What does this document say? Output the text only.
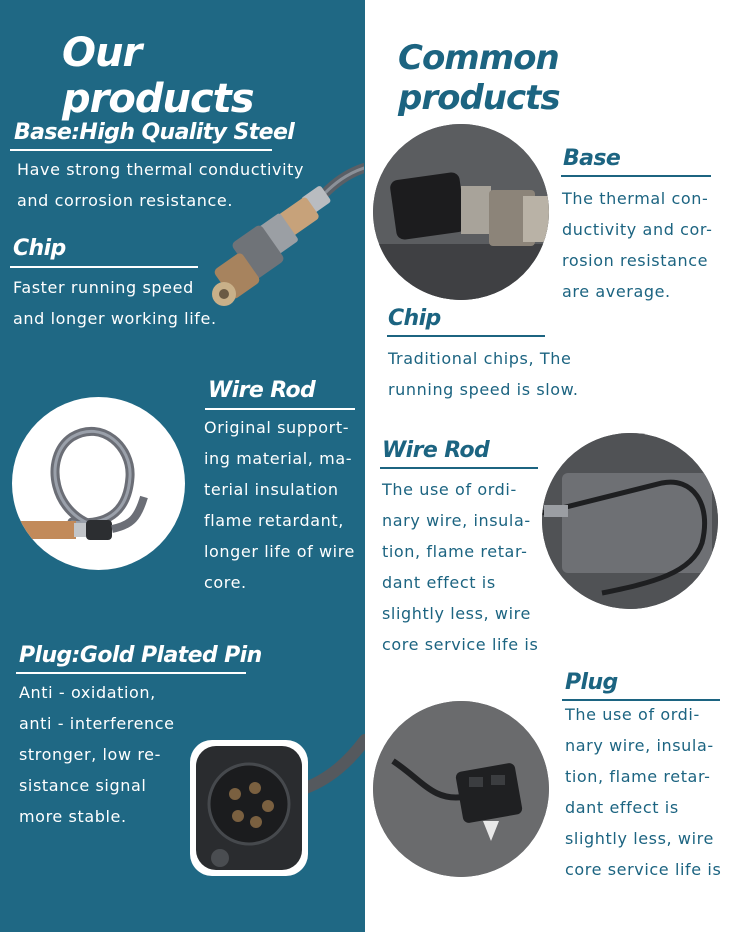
Our products
Base:High Quality Steel
Have strong thermal conductivity
and corrosion resistance.
Chip
Faster running speed
and longer working life.
Wire Rod
Original support-
ing material, ma-
terial insulation
flame retardant,
longer life of wire
core.
Plug:Gold Plated Pin
Anti - oxidation,
anti - interference
stronger, low re-
sistance signal
more stable.
Common products
Base
The thermal con-
ductivity and cor-
rosion resistance
are average.
Chip
Traditional chips, The
running speed is slow.
Wire Rod
The use of ordi-
nary wire, insula-
tion, flame retar-
dant effect is
slightly less, wire
core service life is
Plug
The use of ordi-
nary wire, insula-
tion, flame retar-
dant effect is
slightly less, wire
core service life is
